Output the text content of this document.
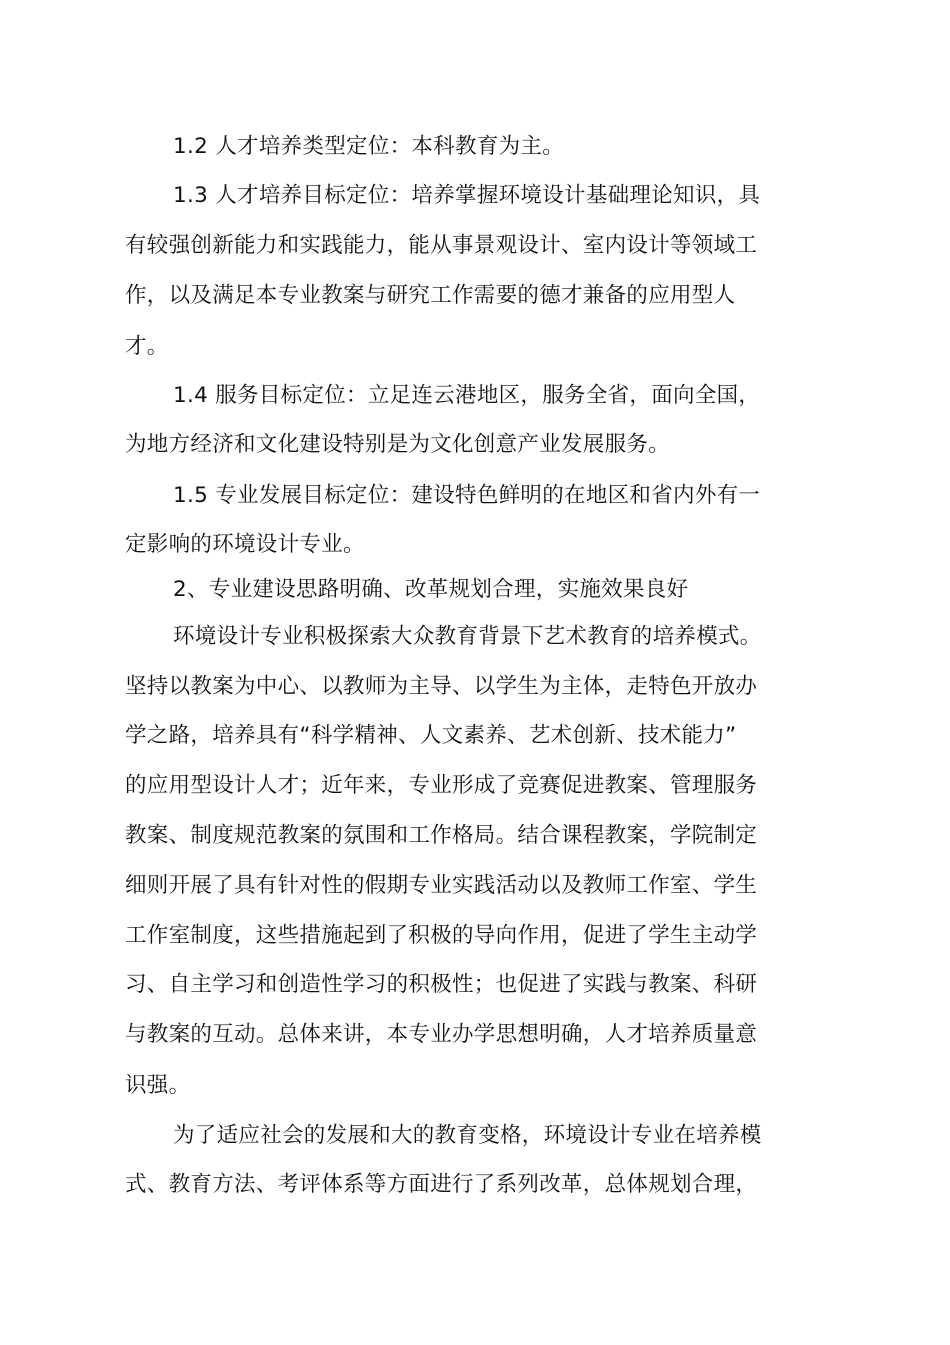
1.2 人才培养类型定位：本科教育为主。
1.3 人才培养目标定位：培养掌握环境设计基础理论知识，具
有较强创新能力和实践能力，能从事景观设计、室内设计等领域工
作，以及满足本专业教案与研究工作需要的德才兼备的应用型人
才。
1.4 服务目标定位：立足连云港地区，服务全省，面向全国，
为地方经济和文化建设特别是为文化创意产业发展服务。
1.5 专业发展目标定位：建设特色鲜明的在地区和省内外有一
定影响的环境设计专业。
2、专业建设思路明确、改革规划合理，实施效果良好
环境设计专业积极探索大众教育背景下艺术教育的培养模式。
坚持以教案为中心、以教师为主导、以学生为主体，走特色开放办
学之路，培养具有“科学精神、人文素养、艺术创新、技术能力”
的应用型设计人才；近年来，专业形成了竞赛促进教案、管理服务
教案、制度规范教案的氛围和工作格局。结合课程教案，学院制定
细则开展了具有针对性的假期专业实践活动以及教师工作室、学生
工作室制度，这些措施起到了积极的导向作用，促进了学生主动学
习、自主学习和创造性学习的积极性；也促进了实践与教案、科研
与教案的互动。总体来讲，本专业办学思想明确，人才培养质量意
识强。
为了适应社会的发展和大的教育变格，环境设计专业在培养模
式、教育方法、考评体系等方面进行了系列改革，总体规划合理，
